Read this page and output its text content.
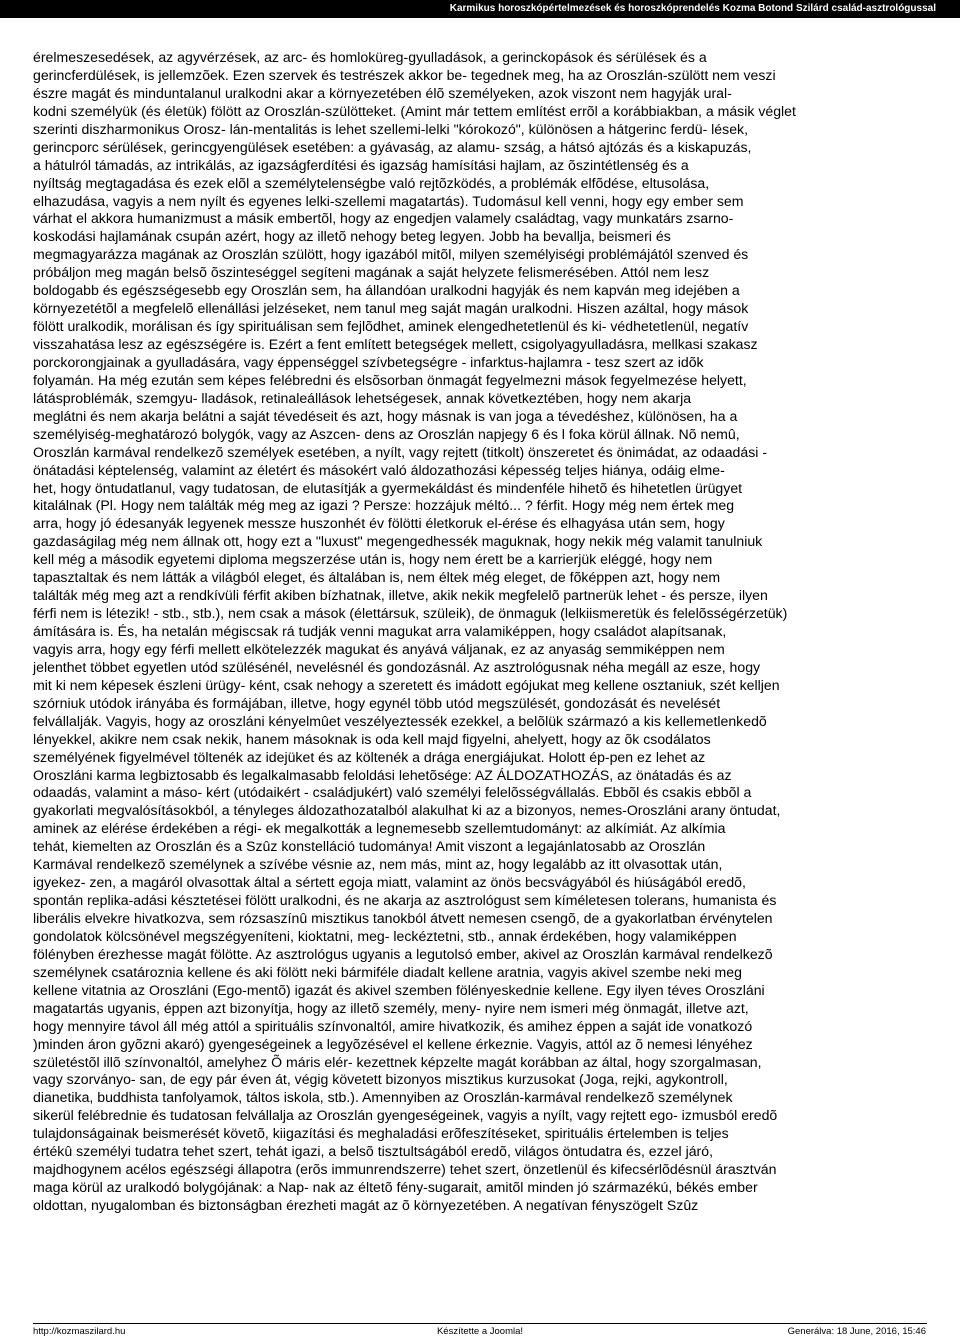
Karmikus horoszkópértelmezések és horoszkóprendelés Kozma Botond Szilárd család-asztrológussal
érelmeszesedések, az agyvérzések, az arc- és homloküreg-gyulladások, a gerinckopások és sérülések és a
gerincferdülések, is jellemzõek. Ezen szervek és testrészek akkor be- tegednek meg, ha az Oroszlán-szülött nem veszi
észre magát és minduntalanul uralkodni akar a környezetében élõ személyeken, azok viszont nem hagyják ural-
kodni személyük (és életük) fölött az Oroszlán-szülötteket. (Amint már tettem említést errõl a korábbiakban, a másik véglet
szerinti diszharmonikus Orosz- lán-mentalitás is lehet szellemi-lelki "kórokozó", különösen a hátgerinc ferdü- lések,
gerincporc sérülések, gerincgyengülések esetében: a gyávaság, az alamu- szság, a hátsó ajtózás és a kiskapuzás,
a hátulról támadás, az intrikálás, az igazságferdítési és igazság hamísítási hajlam, az õszintétlenség és a
nyíltság megtagadása és ezek elõl a személytelenségbe való rejtõzködés, a problémák elfõdése, eltusolása,
elhazudása, vagyis a nem nyílt és egyenes lelki-szellemi magatartás). Tudomásul kell venni, hogy egy ember sem
várhat el akkora humanizmust a másik embertõl, hogy az engedjen valamely családtag, vagy munkatárs zsarno-
koskodási hajlamának csupán azért, hogy az illetõ nehogy beteg legyen. Jobb ha bevallja, beismeri és
megmagyarázza magának az Oroszlán szülött, hogy igazából mitõl, milyen személyiségi problémájától szenved és
próbáljon meg magán belsõ õszinteséggel segíteni magának a saját helyzete felismerésében. Attól nem lesz
boldogabb és egészségesebb egy Oroszlán sem, ha állandóan uralkodni hagyják és nem kapván meg idejében a
környezetétõl a megfelelõ ellenállási jelzéseket, nem tanul meg saját magán uralkodni. Hiszen azáltal, hogy mások
fölött uralkodik, morálisan és így spirituálisan sem fejlõdhet, aminek elengedhetetlenül és ki- védhetetlenül, negatív
visszahatása lesz az egészségére is. Ezért a fent említett betegségek mellett, csigolyagyulladásra, mellkasi szakasz
porckorongjainak a gyulladására, vagy éppenséggel szívbetegségre - infarktus-hajlamra - tesz szert az idõk
folyamán. Ha még ezután sem képes felébredni és elsõsorban önmagát fegyelmezni mások fegyelmezése helyett,
látásproblémák, szemgyu- lladások, retinaleállások lehetségesek, annak következtében, hogy nem akarja
meglátni és nem akarja belátni a saját tévedéseit és azt, hogy másnak is van joga a tévedéshez, különösen, ha a
személyiség-meghatározó bolygók, vagy az Aszcen- dens az Oroszlán napjegy 6 és l foka körül állnak. Nõ nemû,
Oroszlán karmával rendelkezõ személyek esetében, a nyílt, vagy rejtett (titkolt) önszeretet és önimádat, az odaadási -
önátadási képtelenség, valamint az életért és másokért való áldozathozási képesség teljes hiánya, odáig elme-
het, hogy öntudatlanul, vagy tudatosan, de elutasítják a gyermekáldást és mindenféle hihetõ és hihetetlen ürügyet
kitalálnak (Pl. Hogy nem találták még meg az igazi ? Persze: hozzájuk méltó... ? férfit. Hogy még nem értek meg
arra, hogy jó édesanyák legyenek messze huszonhét év fölötti életkoruk el-érése és elhagyása után sem, hogy
gazdaságilag még nem állnak ott, hogy ezt a "luxust" megengedhessék maguknak, hogy nekik még valamit tanulniuk
kell még a második egyetemi diploma megszerzése után is, hogy nem érett be a karrierjük eléggé, hogy nem
tapasztaltak és nem látták a világból eleget, és általában is, nem éltek még eleget, de fõképpen azt, hogy nem
találták még meg azt a rendkívüli férfit akiben bízhatnak, illetve, akik nekik megfelelõ partnerük lehet - és persze, ilyen
férfi nem is létezik! - stb., stb.), nem csak a mások (élettársuk, szüleik), de önmaguk (lelkiismeretük és felelõsségérzetük)
ámítására is. És, ha netalán mégiscsak rá tudják venni magukat arra valamiképpen, hogy családot alapítsanak,
vagyis arra, hogy egy férfi mellett elkötelezzék magukat és anyává váljanak, ez az anyaság semmiképpen nem
jelenthet többet egyetlen utód szülésénél, nevelésnél és gondozásnál. Az asztrológusnak néha megáll az esze, hogy
mit ki nem képesek észleni ürügy- ként, csak nehogy a szeretett és imádott egójukat meg kellene osztaniuk, szét kelljen
szórniuk utódok irányába és formájában, illetve, hogy egynél több utód megszülését, gondozását és nevelését
felvállalják. Vagyis, hogy az oroszláni kényelmûet veszélyeztessék ezekkel, a belõlük származó a kis kellemetlenkedõ
lényekkel, akikre nem csak nekik, hanem másoknak is oda kell majd figyelni, ahelyett, hogy az õk csodálatos
személyének figyelmével töltenék az idejüket és az költenék a drága energiájukat. Holott ép-pen ez lehet az
Oroszláni karma legbiztosabb és legalkalmasabb feloldási lehetõsége: AZ ÁLDOZATHOZÁS, az önátadás és az
odaadás, valamint a máso- kért (utódaikért - családjukért) való személyi felelõsségvállalás. Ebbõl és csakis ebbõl a
gyakorlati megvalósításokból, a tényleges áldozathozatalból alakulhat ki az a bizonyos, nemes-Oroszláni arany öntudat,
aminek az elérése érdekében a régi- ek megalkották a legnemesebb szellemtudományt: az alkímiát. Az alkímia
tehát, kiemelten az Oroszlán és a Szûz konstelláció tudománya! Amit viszont a legajánlatosabb az Oroszlán
Karmával rendelkezõ személynek a szívébe vésnie az, nem más, mint az, hogy legalább az itt olvasottak után,
igyekez- zen, a magáról olvasottak által a sértett egoja miatt, valamint az önös becsvágyából és hiúságából eredõ,
spontán replika-adási késztetései fölött uralkodni, és ne akarja az asztrológust sem kíméletesen tolerans, humanista és
liberális elvekre hivatkozva, sem rózsaszínû misztikus tanokból átvett nemesen csengõ, de a gyakorlatban érvénytelen
gondolatok kölcsönével megszégyeníteni, kioktatni, meg- leckéztetni, stb., annak érdekében, hogy valamiképpen
fölényben érezhesse magát fölötte. Az asztrológus ugyanis a legutolsó ember, akivel az Oroszlán karmával rendelkezõ
személynek csatároznia kellene és aki fölött neki bármiféle diadalt kellene aratnia, vagyis akivel szembe neki meg
kellene vitatnia az Oroszláni (Ego-mentõ) igazát és akivel szemben fölényeskednie kellene. Egy ilyen téves Oroszláni
magatartás ugyanis, éppen azt bizonyítja, hogy az illetõ személy, meny- nyire nem ismeri még önmagát, illetve azt,
hogy mennyire távol áll még attól a spirituális színvonaltól, amire hivatkozik, és amihez éppen a saját ide vonatkozó
)minden áron gyõzni akaró) gyengeségeinek a legyõzésével el kellene érkeznie. Vagyis, attól az õ nemesi lényéhez
születéstõl illõ színvonaltól, amelyhez Õ máris elér- kezettnek képzelte magát korábban az által, hogy szorgalmasan,
vagy szorványo- san, de egy pár éven át, végig követett bizonyos misztikus kurzusokat (Joga, rejki, agykontroll,
dianetika, buddhista tanfolyamok, táltos iskola, stb.). Amennyiben az Oroszlán-karmával rendelkezõ személynek
sikerül felébrednie és tudatosan felvállalja az Oroszlán gyengeségeinek, vagyis a nyílt, vagy rejtett ego- izmusból eredõ
tulajdonságainak beismerését követõ, kiigazítási és meghaladási erõfeszítéseket, spirituális értelemben is teljes
értékû személyi tudatra tehet szert, tehát igazi, a belsõ tisztultságából eredõ, világos öntudatra és, ezzel járó,
majdhogynem acélos egészségi állapotra (erõs immunrendszerre) tehet szert, önzetlenül és kifecsérlõdésnül árasztván
maga körül az uralkodó bolygójának: a Nap- nak az éltetõ fény-sugarait, amitõl minden jó származékú, békés ember
oldottan, nyugalomban és biztonságban érezheti magát az õ környezetében. A negatívan fényszögelt Szûz
http://kozmaszilard.hu	Készítette a Joomla!	Generálva: 18 June, 2016, 15:46
